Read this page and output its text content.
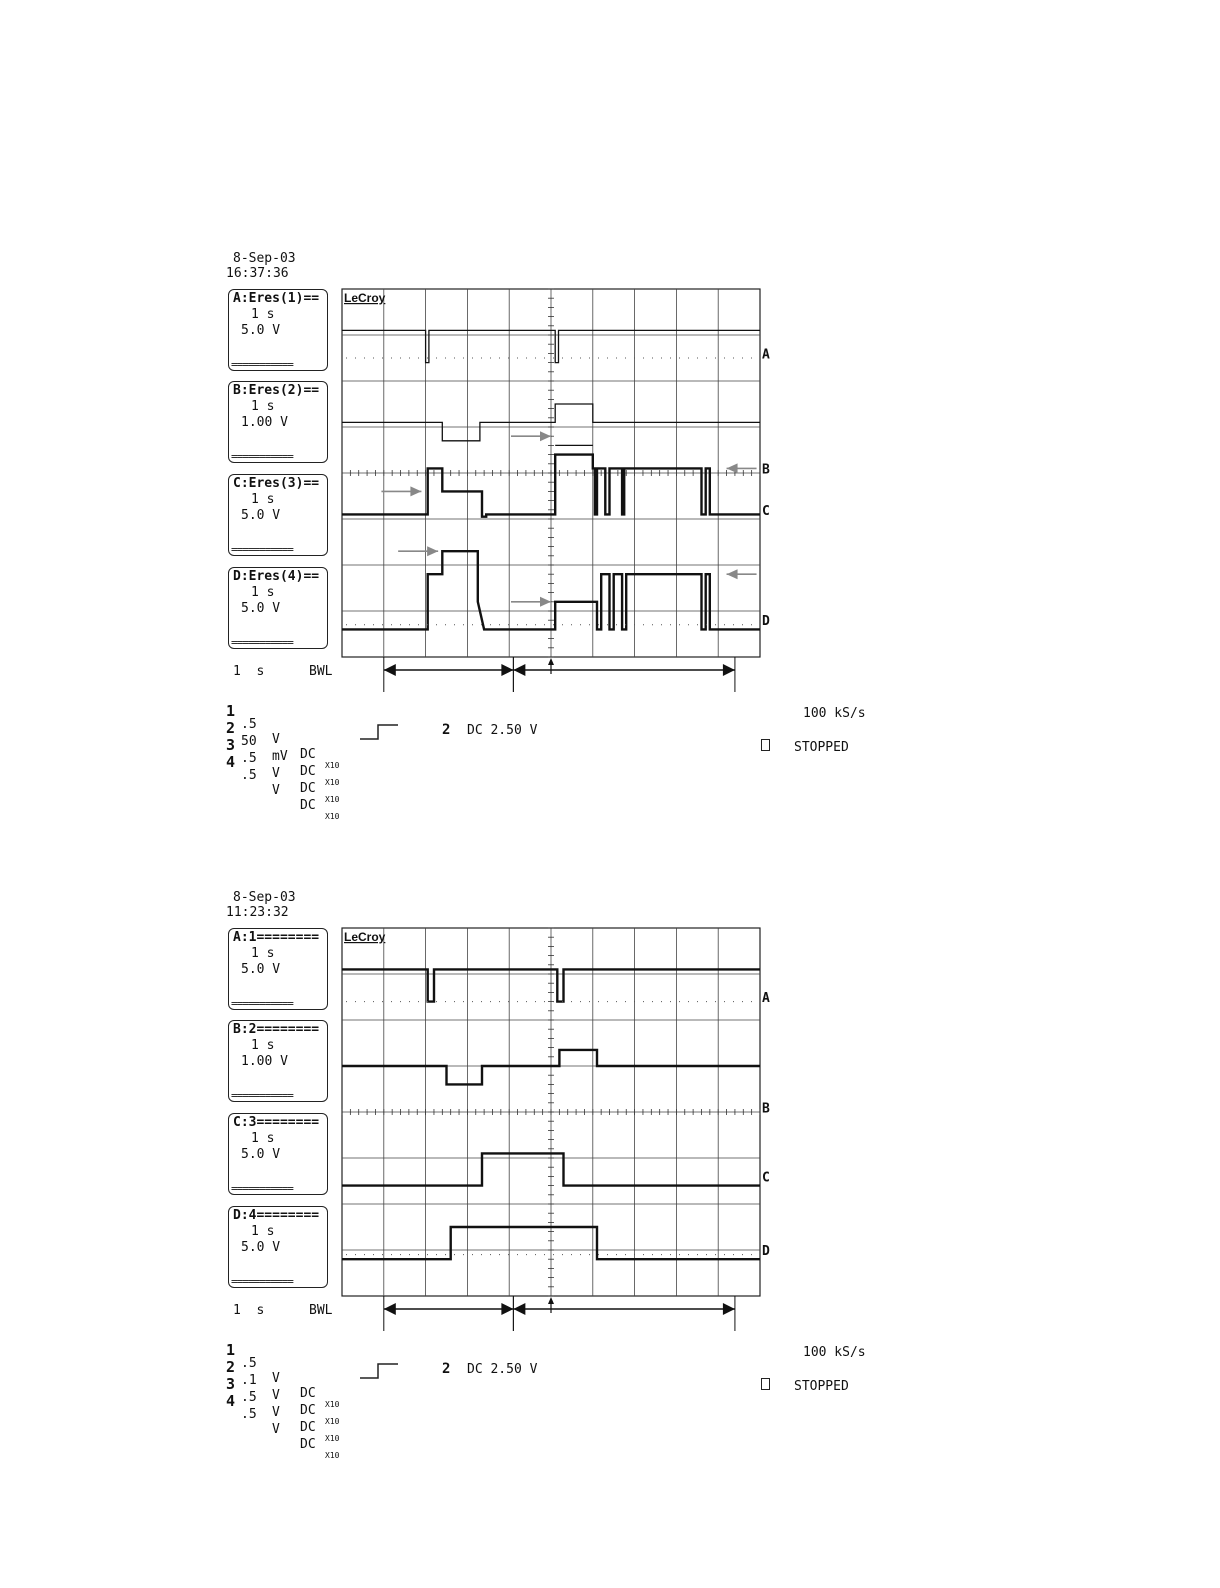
8-Sep-03
16:37:36
A:Eres(1)==
1 s
5.0 V
===========
B:Eres(2)==
1 s
1.00 V
===========
C:Eres(3)==
1 s
5.0 V
===========
D:Eres(4)==
1 s
5.0 V
===========
1  s	BWL

1

.5

V

DC

X10

2

50

mV

DC

X10

3

.5

V

DC

X10

4

.5

V

DC

X10

2 DC 2.50 V
100 kS/s
STOPPED
LeCroy
A
B
C
D
8-Sep-03
11:23:32
A:1========
1 s
5.0 V
===========
B:2========
1 s
1.00 V
===========
C:3========
1 s
5.0 V
===========
D:4========
1 s
5.0 V
===========
1  s	BWL

1

.5

V

DC

X10

2

.1

V

DC

X10

3

.5

V

DC

X10

4

.5

V

DC

X10

2 DC 2.50 V
100 kS/s
STOPPED
LeCroy
A
B
C
D
